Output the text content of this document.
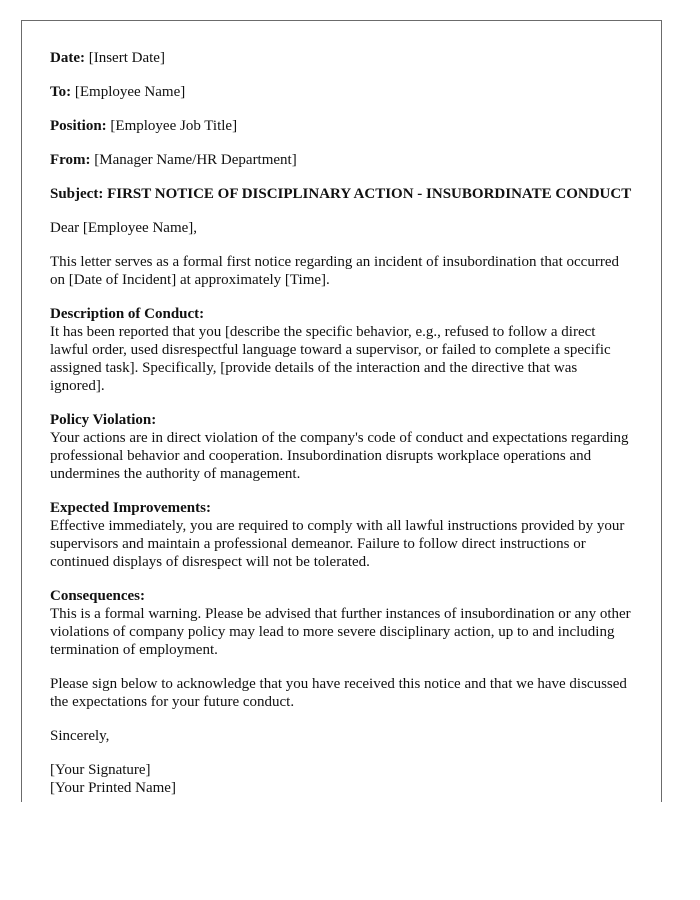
Date: [Insert Date]

To: [Employee Name]

Position: [Employee Job Title]

From: [Manager Name/HR Department]

Subject: FIRST NOTICE OF DISCIPLINARY ACTION - INSUBORDINATE CONDUCT

Dear [Employee Name],

This letter serves as a formal first notice regarding an incident of insubordination that occurred on [Date of Incident] at approximately [Time].

Description of Conduct:
It has been reported that you [describe the specific behavior, e.g., refused to follow a direct lawful order, used disrespectful language toward a supervisor, or failed to complete a specific assigned task]. Specifically, [provide details of the interaction and the directive that was ignored].

Policy Violation:
Your actions are in direct violation of the company's code of conduct and expectations regarding professional behavior and cooperation. Insubordination disrupts workplace operations and undermines the authority of management.

Expected Improvements:
Effective immediately, you are required to comply with all lawful instructions provided by your supervisors and maintain a professional demeanor. Failure to follow direct instructions or continued displays of disrespect will not be tolerated.

Consequences:
This is a formal warning. Please be advised that further instances of insubordination or any other violations of company policy may lead to more severe disciplinary action, up to and including termination of employment.

Please sign below to acknowledge that you have received this notice and that we have discussed the expectations for your future conduct.

Sincerely,

[Your Signature]

[Your Printed Name]
